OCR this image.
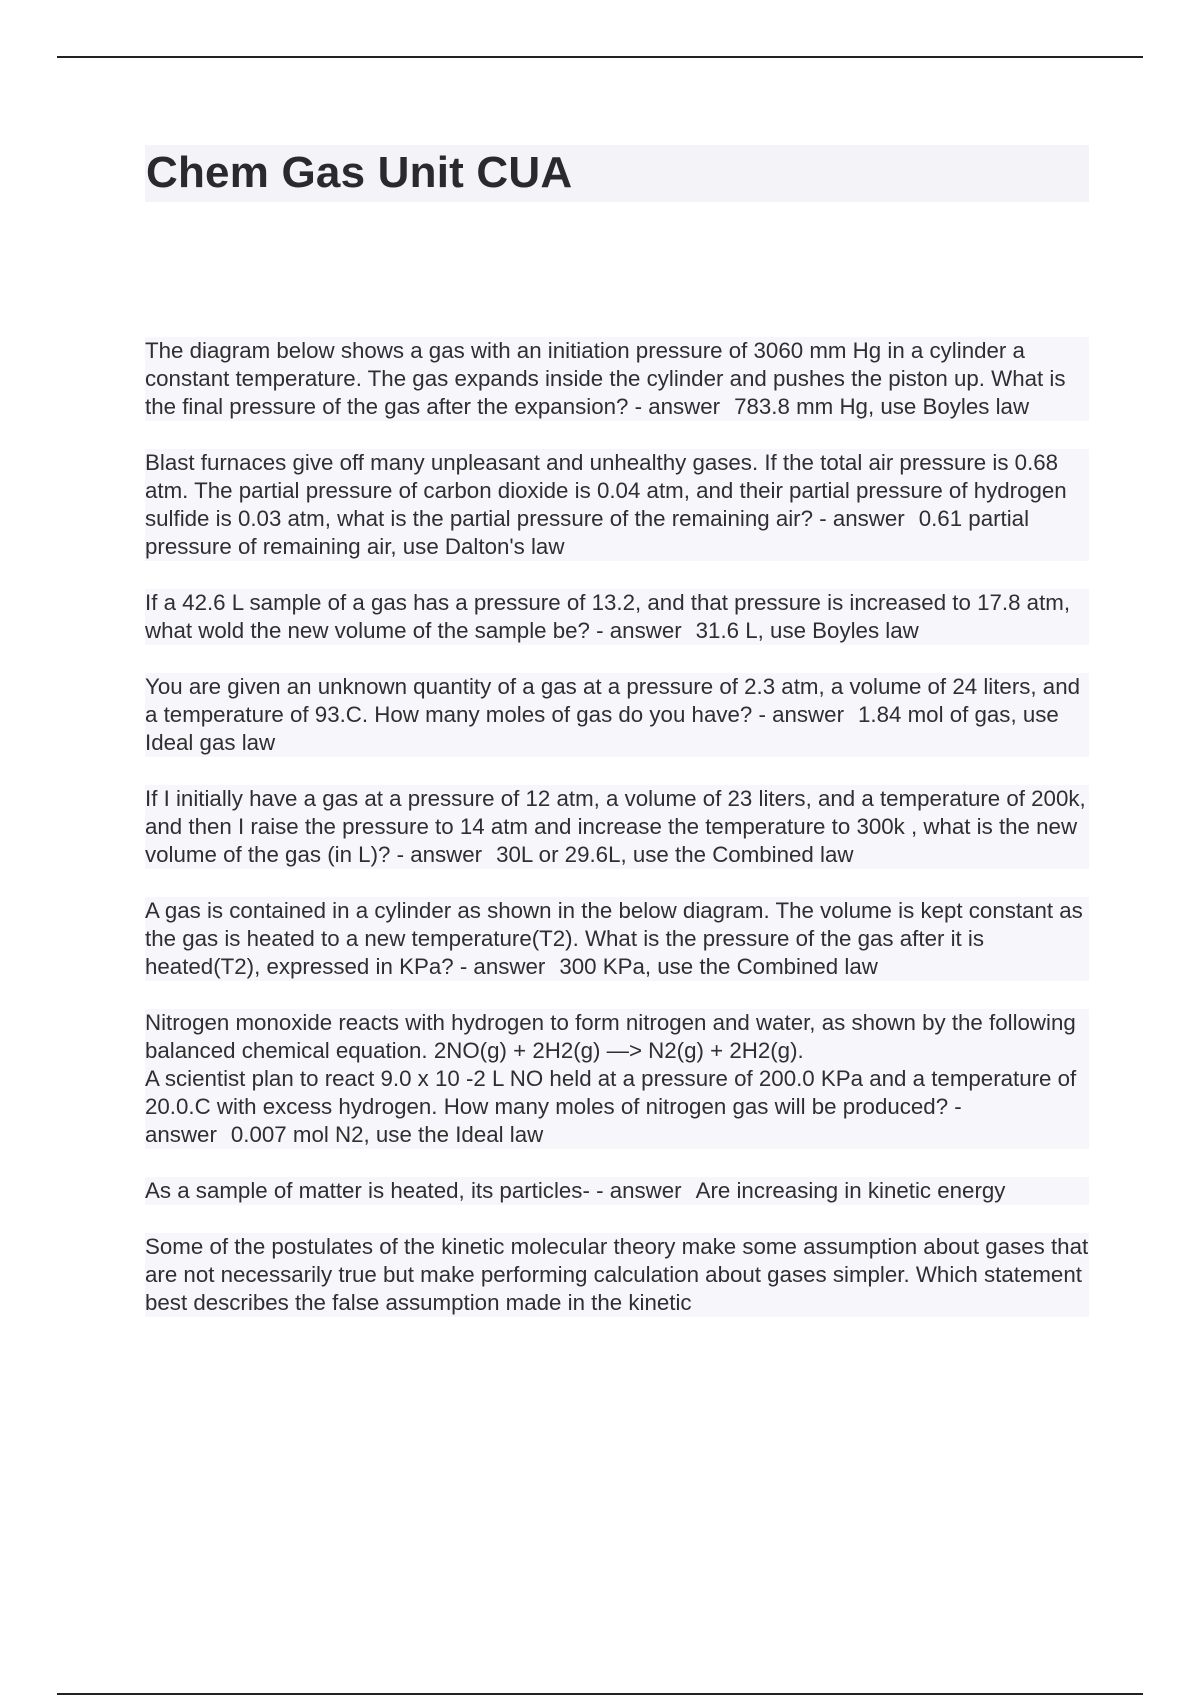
Chem Gas Unit CUA

The diagram below shows a gas with an initiation pressure of 3060 mm Hg in a cylinder a constant temperature. The gas expands inside the cylinder and pushes the piston up. What is the final pressure of the gas after the expansion? - answer 783.8 mm Hg, use Boyles law

Blast furnaces give off many unpleasant and unhealthy gases. If the total air pressure is 0.68 atm. The partial pressure of carbon dioxide is 0.04 atm, and their partial pressure of hydrogen sulfide is 0.03 atm, what is the partial pressure of the remaining air? - answer 0.61 partial pressure of remaining air, use Dalton's law

If a 42.6 L sample of a gas has a pressure of 13.2, and that pressure is increased to 17.8 atm, what wold the new volume of the sample be? - answer 31.6 L, use Boyles law

You are given an unknown quantity of a gas at a pressure of 2.3 atm, a volume of 24 liters, and a temperature of 93.C. How many moles of gas do you have? - answer 1.84 mol of gas, use Ideal gas law

If I initially have a gas at a pressure of 12 atm, a volume of 23 liters, and a temperature of 200k, and then I raise the pressure to 14 atm and increase the temperature to 300k , what is the new volume of the gas (in L)? - answer 30L or 29.6L, use the Combined law

A gas is contained in a cylinder as shown in the below diagram. The volume is kept constant as the gas is heated to a new temperature(T2). What is the pressure of the gas after it is heated(T2), expressed in KPa? - answer 300 KPa, use the Combined law

Nitrogen monoxide reacts with hydrogen to form nitrogen and water, as shown by the following balanced chemical equation. 2NO(g) + 2H2(g) —> N2(g) + 2H2(g).
A scientist plan to react 9.0 x 10 -2 L NO held at a pressure of 200.0 KPa and a temperature of 20.0.C with excess hydrogen. How many moles of nitrogen gas will be produced? - answer 0.007 mol N2, use the Ideal law

As a sample of matter is heated, its particles- - answer Are increasing in kinetic energy

Some of the postulates of the kinetic molecular theory make some assumption about gases that are not necessarily true but make performing calculation about gases simpler. Which statement best describes the false assumption made in the kinetic
